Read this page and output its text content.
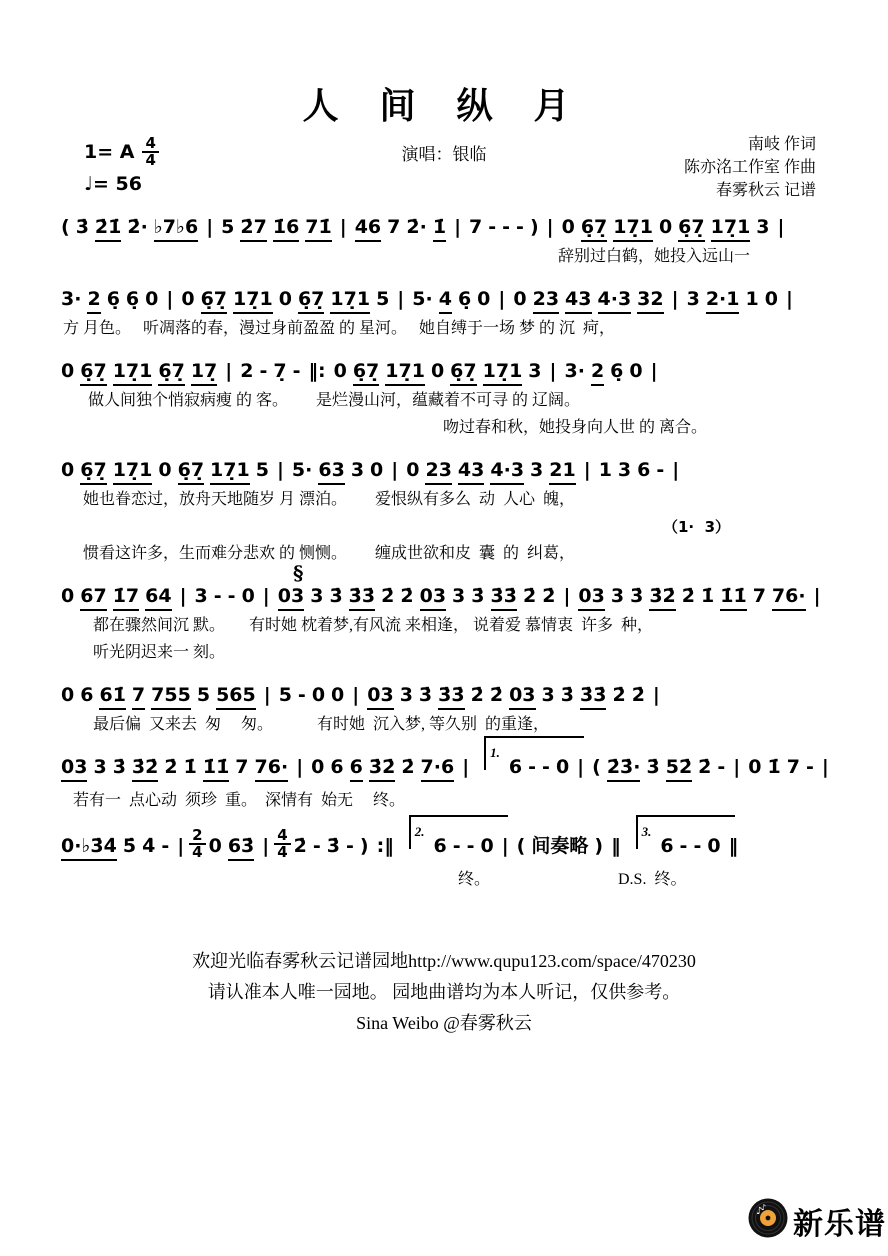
人 间 纵 月
演唱：银临
南岐 作词
陈亦洺工作室 作曲
春雾秋云 记谱
1= A $\frac{4}{4}$
♩= 56
( 3̇ 2̇1̇ 2̇· ♭7♭6 | 5 2̇7 1̇6 71̇ | 46 7 2̇· 1̇ | 7 - - - ) | 0 6̣7̣ 17̣1 0 6̣7̣ 17̣1 3 |
辞别过白鹤，她投入远山一
3· 2 6̣ 6̣ 0 | 0 6̣7̣ 17̣1 0 6̣7̣ 17̣1 5 | 5· 4 6̣ 0 | 0 23 43 4·3 32 | 3 2·1 1 0 |
方 月色。　 听凋落的春，漫过身前盈盈 的 星河。　 她自缚于一场 梦 的 沉  疴，
0 6̣7̣ 17̣1 6̣7̣ 17̣ | 2 - 7̣ - ‖: 0 6̣7̣ 17̣1 0 6̣7̣ 17̣1 3 | 3· 2 6̣ 0 |
做人间独个悄寂病瘦 的 客。　　 是烂漫山河，蕴藏着不可寻 的 辽阔。
吻过春和秋，她投身向人世 的 离合。
0 6̣7̣ 17̣1 0 6̣7̣ 17̣1 5 | 5· 63 3 0 | 0 23 43 4·3 3 21 | 1 3 6 - |
她也眷恋过，放舟天地随岁 月 漂泊。　　 爱恨纵有多么  动  人心  魄，
（1·  3）
惯看这许多，生而难分悲欢 的 恻恻。　　 缠成世欲和皮  囊  的  纠葛，
§
0 67 1̇7 64 | 3 - - 0 | 03 3 3̇ 3̇3̇ 2̇ 2̇ 03 3 3̇ 3̇3̇ 2̇ 2̇ | 03 3 3̇ 3̇2̇ 2̇ 1̇ 1̇1̇ 7 76· |
都在骤然间沉 默。　　有时她 枕着梦,有风流 来相逢， 说着爱 慕情衷  许多  种，
听光阴迟来一 刻。
0 6 61̇ 7 755 5 565 | 5 - 0 0 | 03 3 3̇ 3̇3̇ 2̇ 2̇ 03 3 3̇ 3̇3̇ 2̇ 2̇ |
最后偏  又来去  匆　 匆。　　　 有时她  沉入梦, 等久别  的重逢，
03 3 3̇ 3̇2̇ 2̇ 1̇ 1̇1̇ 7 76· | 0 6 6 3̇2̇ 2̇ 7·6 |1.6 - - 0 | ( 2̇3̇· 3̇ 52̇ 2̇ - | 0 1̇ 7 - |
若有一  点心动  须珍  重。　深情有  始无　 终。
0·♭3̇4̇ 5̇ 4̇ - | $\frac{2}{4} 0$ 63̇ | $\frac{4}{4}$ 2̇ - 3̇ - ) :‖2.6 - - 0 | ( 间奏略 ) ‖3.6 - - 0 ‖
终。　　　　　　　　  D.S.  终。
欢迎光临春雾秋云记谱园地http://www.qupu123.com/space/470230
请认准本人唯一园地。 园地曲谱均为本人听记，仅供参考。
Sina Weibo @春雾秋云
♪
♪ 新乐谱
